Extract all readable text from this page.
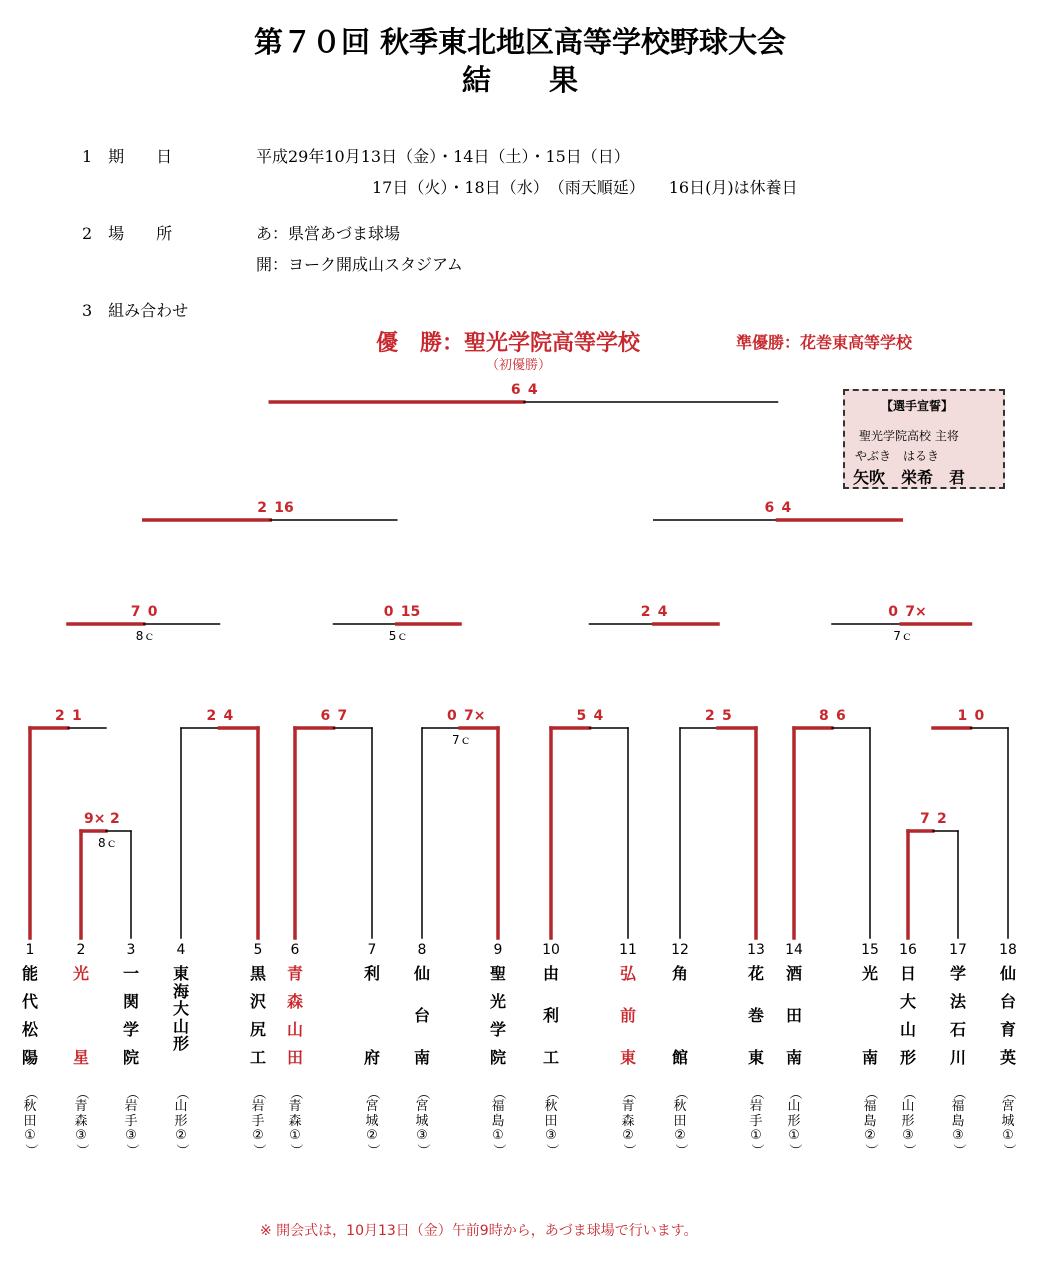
第７０回 秋季東北地区高等学校野球大会
結　　果
1　期　　日	平成29年10月13日（金）・14日（土）・15日（日）
17日（火）・18日（水）　（雨天順延）　　16日(月)は休養日
2　場　　所	あ：県営あづま球場
開：ヨーク開成山スタジアム
3　組み合わせ
優　勝：聖光学院高等学校
（初優勝）
準優勝：花巻東高等学校
【選手宣誓】
聖光学院高校 主将
やぶき　はるき
矢吹　栄希　君
1
能
代
松
陽
（
秋
田
①
）
2
光
星
（
青
森
③
）
3
一
関
学
院
（
岩
手
③
）
4
東
海
大
山
形
（
山
形
②
）
5
黒
沢
尻
工
（
岩
手
②
）
6
青
森
山
田
（
青
森
①
）
7
利
府
（
宮
城
②
）
8
仙
台
南
（
宮
城
③
）
9
聖
光
学
院
（
福
島
①
）
10
由
利
工
（
秋
田
③
）
11
弘
前
東
（
青
森
②
）
12
角
館
（
秋
田
②
）
13
花
巻
東
（
岩
手
①
）
14
酒
田
南
（
山
形
①
）
15
光
南
（
福
島
②
）
16
日
大
山
形
（
山
形
③
）
17
学
法
石
川
（
福
島
③
）
18
仙
台
育
英
（
宮
城
①
）
9× 2
8ｃ
7 2
2 1	2 4	6 7	0 7×
7ｃ
5 4	2 5	8 6	1 0
7 0
8ｃ
0 15
5ｃ
2 4	0 7×
7ｃ
2 16	6 4
6 4
※ 開会式は，10月13日（金）午前9時から，あづま球場で行います。
